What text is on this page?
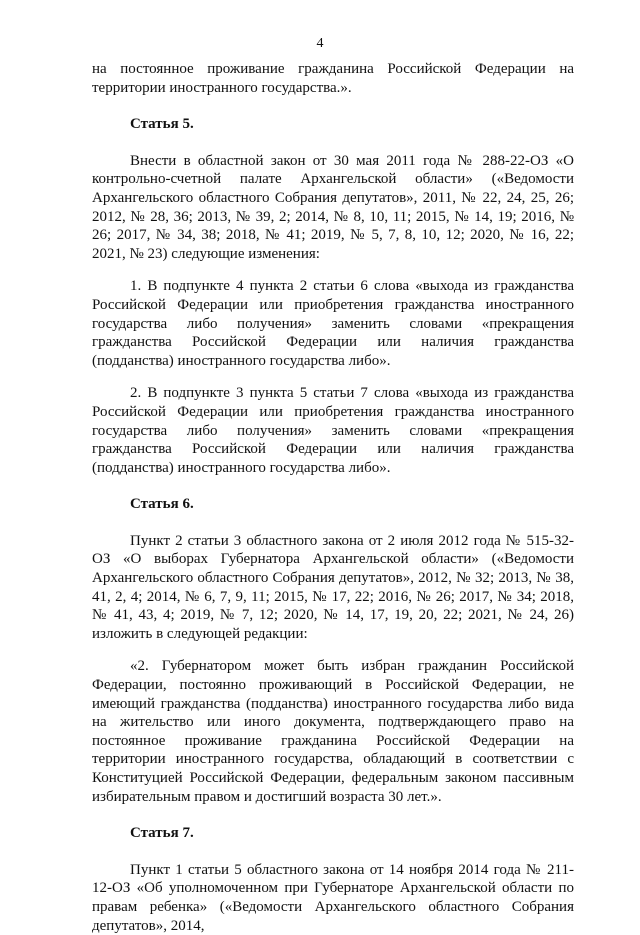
4
на постоянное проживание гражданина Российской Федерации на территории иностранного государства.».
Статья 5.
Внести в областной закон от 30 мая 2011 года № 288-22-ОЗ «О контрольно-счетной палате Архангельской области» («Ведомости Архангельского областного Собрания депутатов», 2011, № 22, 24, 25, 26; 2012, № 28, 36; 2013, № 39, 2; 2014, № 8, 10, 11; 2015, № 14, 19; 2016, № 26; 2017, № 34, 38; 2018, № 41; 2019, № 5, 7, 8, 10, 12; 2020, № 16, 22; 2021, № 23) следующие изменения:
1. В подпункте 4 пункта 2 статьи 6 слова «выхода из гражданства Российской Федерации или приобретения гражданства иностранного государства либо получения» заменить словами «прекращения гражданства Российской Федерации или наличия гражданства (подданства) иностранного государства либо».
2. В подпункте 3 пункта 5 статьи 7 слова «выхода из гражданства Российской Федерации или приобретения гражданства иностранного государства либо получения» заменить словами «прекращения гражданства Российской Федерации или наличия гражданства (подданства) иностранного государства либо».
Статья 6.
Пункт 2 статьи 3 областного закона от 2 июля 2012 года № 515-32-ОЗ «О выборах Губернатора Архангельской области» («Ведомости Архангельского областного Собрания депутатов», 2012, № 32; 2013, № 38, 41, 2, 4; 2014, № 6, 7, 9, 11; 2015, № 17, 22; 2016, № 26; 2017, № 34; 2018, № 41, 43, 4; 2019, № 7, 12; 2020, № 14, 17, 19, 20, 22; 2021, № 24, 26) изложить в следующей редакции:
«2. Губернатором может быть избран гражданин Российской Федерации, постоянно проживающий в Российской Федерации, не имеющий гражданства (подданства) иностранного государства либо вида на жительство или иного документа, подтверждающего право на постоянное проживание гражданина Российской Федерации на территории иностранного государства, обладающий в соответствии с Конституцией Российской Федерации, федеральным законом пассивным избирательным правом и достигший возраста 30 лет.».
Статья 7.
Пункт 1 статьи 5 областного закона от 14 ноября 2014 года № 211-12-ОЗ «Об уполномоченном при Губернаторе Архангельской области по правам ребенка» («Ведомости Архангельского областного Собрания депутатов», 2014,
